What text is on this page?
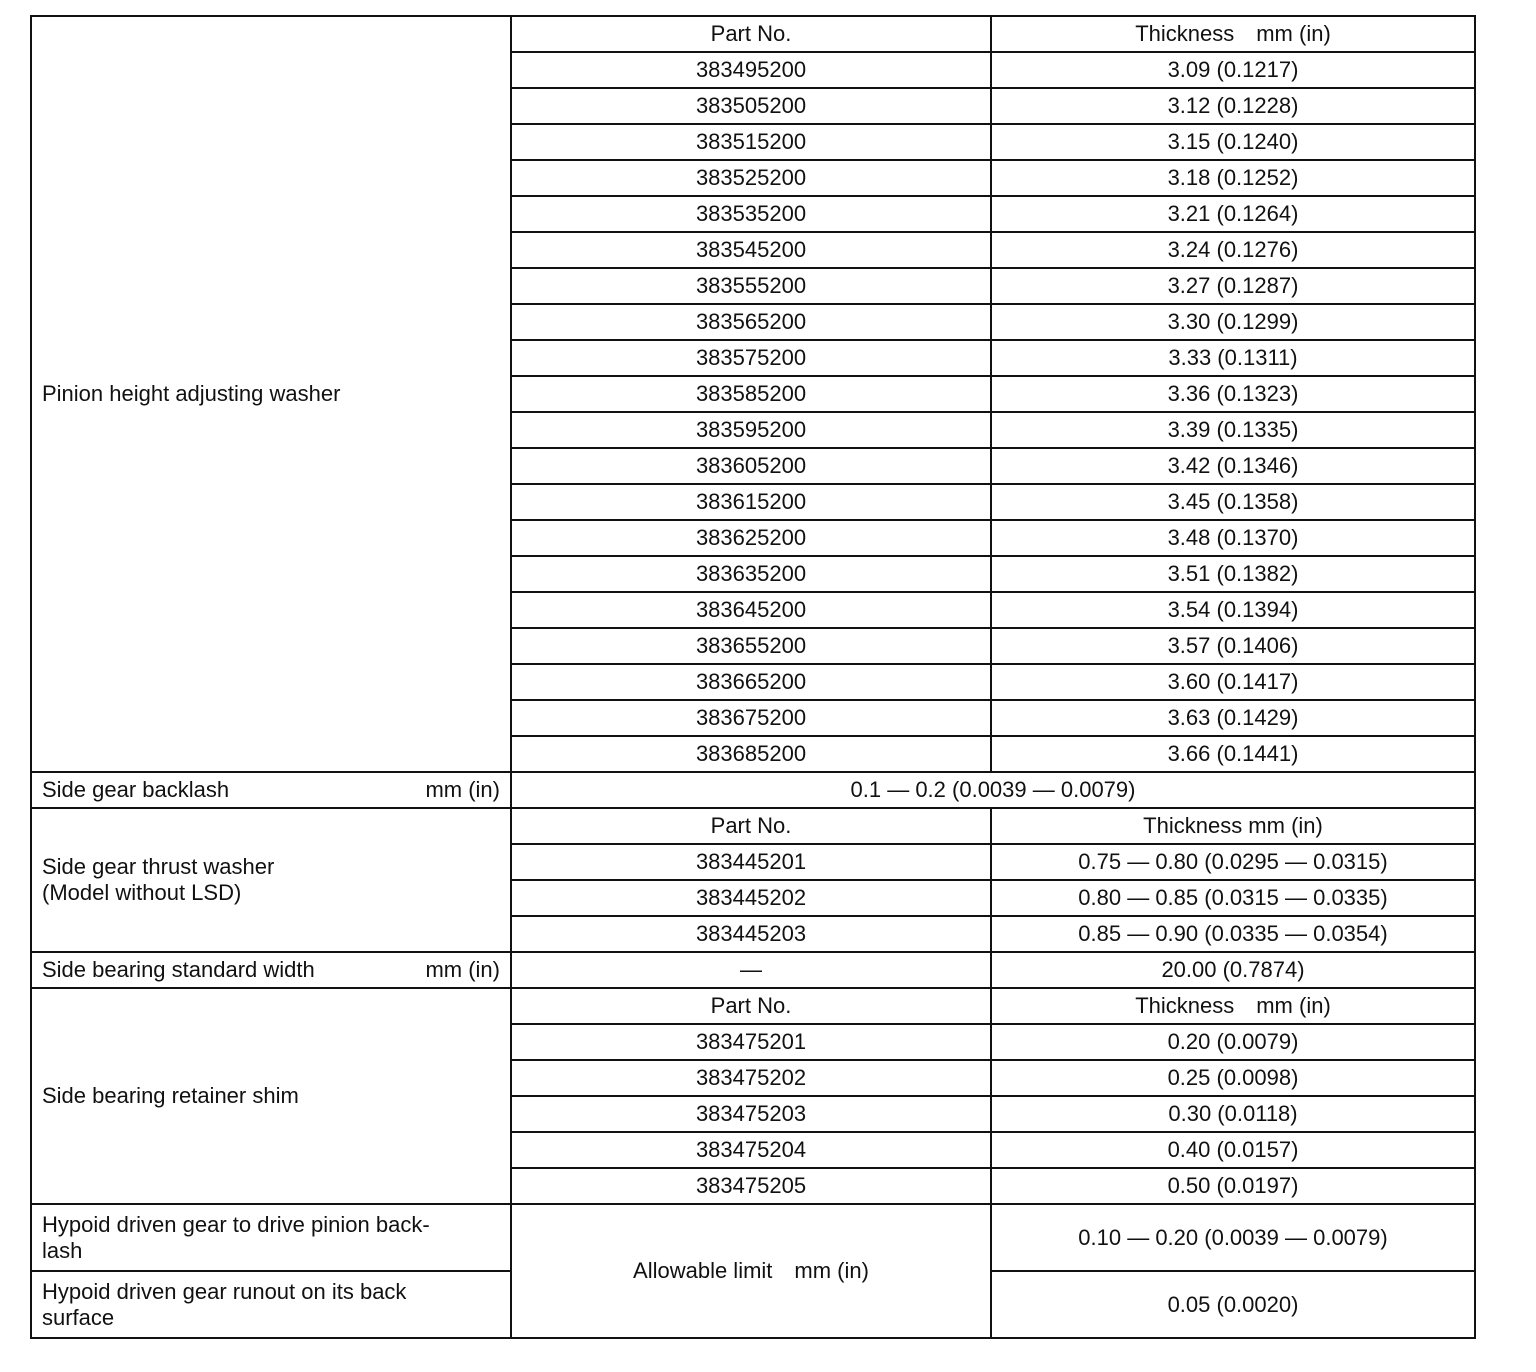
Pinion height adjusting washer	Part No.	Thickness mm (in)
	383495200	3.09 (0.1217)
	383505200	3.12 (0.1228)
	383515200	3.15 (0.1240)
	383525200	3.18 (0.1252)
	383535200	3.21 (0.1264)
	383545200	3.24 (0.1276)
	383555200	3.27 (0.1287)
	383565200	3.30 (0.1299)
	383575200	3.33 (0.1311)
	383585200	3.36 (0.1323)
	383595200	3.39 (0.1335)
	383605200	3.42 (0.1346)
	383615200	3.45 (0.1358)
	383625200	3.48 (0.1370)
	383635200	3.51 (0.1382)
	383645200	3.54 (0.1394)
	383655200	3.57 (0.1406)
	383665200	3.60 (0.1417)
	383675200	3.63 (0.1429)
	383685200	3.66 (0.1441)

Side gear backlash mm (in)	0.1 — 0.2 (0.0039 — 0.0079)	

Side gear thrust washer
(Model without LSD)	Part No.	Thickness mm (in)
	383445201	0.75 — 0.80 (0.0295 — 0.0315)
	383445202	0.80 — 0.85 (0.0315 — 0.0335)
	383445203	0.85 — 0.90 (0.0335 — 0.0354)

Side bearing standard width mm (in)	—	20.00 (0.7874)
Side bearing retainer shim	Part No.	Thickness mm (in)
	383475201	0.20 (0.0079)
	383475202	0.25 (0.0098)
	383475203	0.30 (0.0118)
	383475204	0.40 (0.0157)
	383475205	0.50 (0.0197)

Hypoid driven gear to drive pinion back-
lash	Allowable limit mm (in)	0.10 — 0.20 (0.0039 — 0.0079)

Hypoid driven gear runout on its back
surface		0.05 (0.0020)
